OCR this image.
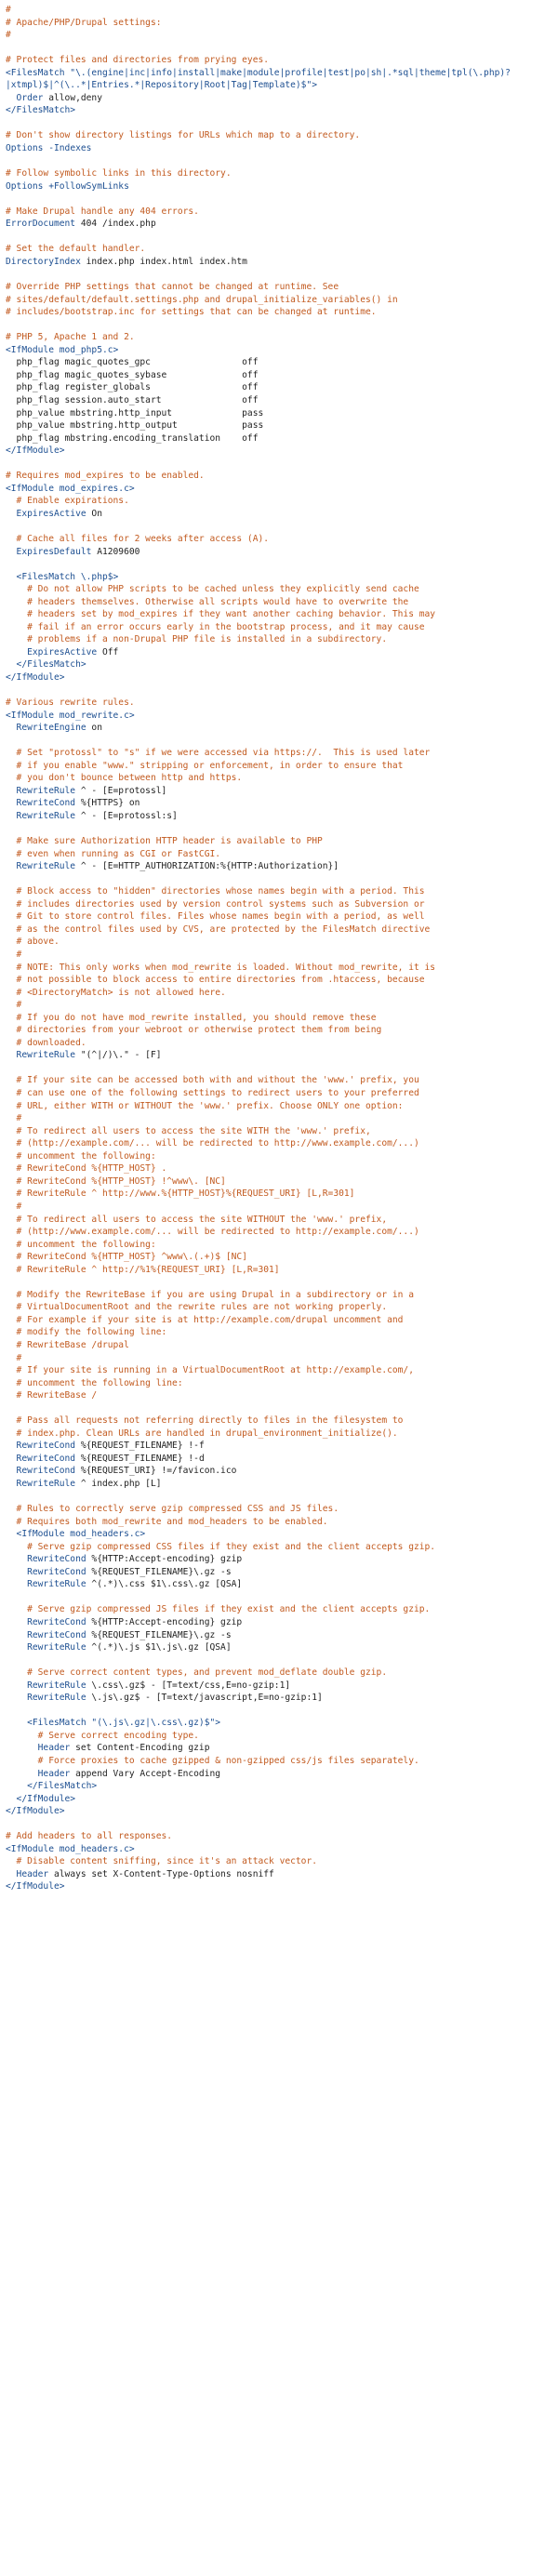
#
# Apache/PHP/Drupal settings:
#
# Protect files and directories from prying eyes.
<FilesMatch "\.(engine|inc|info|install|make|module|profile|test|po|sh|.*sql|theme|tpl(\.php)?
|xtmpl)$|^(\..*|Entries.*|Repository|Root|Tag|Template)$">
Order allow,deny
</FilesMatch>
# Don't show directory listings for URLs which map to a directory.
Options -Indexes
# Follow symbolic links in this directory.
Options +FollowSymLinks
# Make Drupal handle any 404 errors.
ErrorDocument 404 /index.php
# Set the default handler.
DirectoryIndex index.php index.html index.htm
# Override PHP settings that cannot be changed at runtime. See
# sites/default/default.settings.php and drupal_initialize_variables() in
# includes/bootstrap.inc for settings that can be changed at runtime.
# PHP 5, Apache 1 and 2.
<IfModule mod_php5.c>
php_flag magic_quotes_gpc                 off
php_flag magic_quotes_sybase              off
php_flag register_globals                 off
php_flag session.auto_start               off
php_value mbstring.http_input             pass
php_value mbstring.http_output            pass
php_flag mbstring.encoding_translation    off
</IfModule>
# Requires mod_expires to be enabled.
<IfModule mod_expires.c>
# Enable expirations.
ExpiresActive On
# Cache all files for 2 weeks after access (A).
ExpiresDefault A1209600
<FilesMatch \.php$>
# Do not allow PHP scripts to be cached unless they explicitly send cache
# headers themselves. Otherwise all scripts would have to overwrite the
# headers set by mod_expires if they want another caching behavior. This may
# fail if an error occurs early in the bootstrap process, and it may cause
# problems if a non-Drupal PHP file is installed in a subdirectory.
ExpiresActive Off
</FilesMatch>
</IfModule>
# Various rewrite rules.
<IfModule mod_rewrite.c>
RewriteEngine on
# Set "protossl" to "s" if we were accessed via https://.  This is used later
# if you enable "www." stripping or enforcement, in order to ensure that
# you don't bounce between http and https.
RewriteRule ^ - [E=protossl]
RewriteCond %{HTTPS} on
RewriteRule ^ - [E=protossl:s]
# Make sure Authorization HTTP header is available to PHP
# even when running as CGI or FastCGI.
RewriteRule ^ - [E=HTTP_AUTHORIZATION:%{HTTP:Authorization}]
# Block access to "hidden" directories whose names begin with a period. This
# includes directories used by version control systems such as Subversion or
# Git to store control files. Files whose names begin with a period, as well
# as the control files used by CVS, are protected by the FilesMatch directive
# above.
#
# NOTE: This only works when mod_rewrite is loaded. Without mod_rewrite, it is
# not possible to block access to entire directories from .htaccess, because
# <DirectoryMatch> is not allowed here.
#
# If you do not have mod_rewrite installed, you should remove these
# directories from your webroot or otherwise protect them from being
# downloaded.
RewriteRule "(^|/)\." - [F]
# If your site can be accessed both with and without the 'www.' prefix, you
# can use one of the following settings to redirect users to your preferred
# URL, either WITH or WITHOUT the 'www.' prefix. Choose ONLY one option:
#
# To redirect all users to access the site WITH the 'www.' prefix,
# (http://example.com/... will be redirected to http://www.example.com/...)
# uncomment the following:
# RewriteCond %{HTTP_HOST} .

# RewriteCond %{HTTP_HOST} !^www\. [NC]
# RewriteRule ^ http://www.%{HTTP_HOST}%{REQUEST_URI} [L,R=301]
#
# To redirect all users to access the site WITHOUT the 'www.' prefix,
# (http://www.example.com/... will be redirected to http://example.com/...)
# uncomment the following:
# RewriteCond %{HTTP_HOST} ^www\.(.+)$ [NC]
# RewriteRule ^ http://%1%{REQUEST_URI} [L,R=301]
# Modify the RewriteBase if you are using Drupal in a subdirectory or in a
# VirtualDocumentRoot and the rewrite rules are not working properly.
# For example if your site is at http://example.com/drupal uncomment and
# modify the following line:
# RewriteBase /drupal
#
# If your site is running in a VirtualDocumentRoot at http://example.com/,
# uncomment the following line:
# RewriteBase /
# Pass all requests not referring directly to files in the filesystem to
# index.php. Clean URLs are handled in drupal_environment_initialize().
RewriteCond %{REQUEST_FILENAME} !-f
RewriteCond %{REQUEST_FILENAME} !-d
RewriteCond %{REQUEST_URI} !=/favicon.ico
RewriteRule ^ index.php [L]
# Rules to correctly serve gzip compressed CSS and JS files.
# Requires both mod_rewrite and mod_headers to be enabled.
<IfModule mod_headers.c>
# Serve gzip compressed CSS files if they exist and the client accepts gzip.
RewriteCond %{HTTP:Accept-encoding} gzip
RewriteCond %{REQUEST_FILENAME}\.gz -s
RewriteRule ^(.*)\.css $1\.css\.gz [QSA]
# Serve gzip compressed JS files if they exist and the client accepts gzip.
RewriteCond %{HTTP:Accept-encoding} gzip
RewriteCond %{REQUEST_FILENAME}\.gz -s
RewriteRule ^(.*)\.js $1\.js\.gz [QSA]
# Serve correct content types, and prevent mod_deflate double gzip.
RewriteRule \.css\.gz$ - [T=text/css,E=no-gzip:1]
RewriteRule \.js\.gz$ - [T=text/javascript,E=no-gzip:1]
<FilesMatch "(\.js\.gz|\.css\.gz)$">
# Serve correct encoding type.
Header set Content-Encoding gzip
# Force proxies to cache gzipped & non-gzipped css/js files separately.
Header append Vary Accept-Encoding
</FilesMatch>
</IfModule>
</IfModule>
# Add headers to all responses.
<IfModule mod_headers.c>
# Disable content sniffing, since it's an attack vector.
Header always set X-Content-Type-Options nosniff
</IfModule>
